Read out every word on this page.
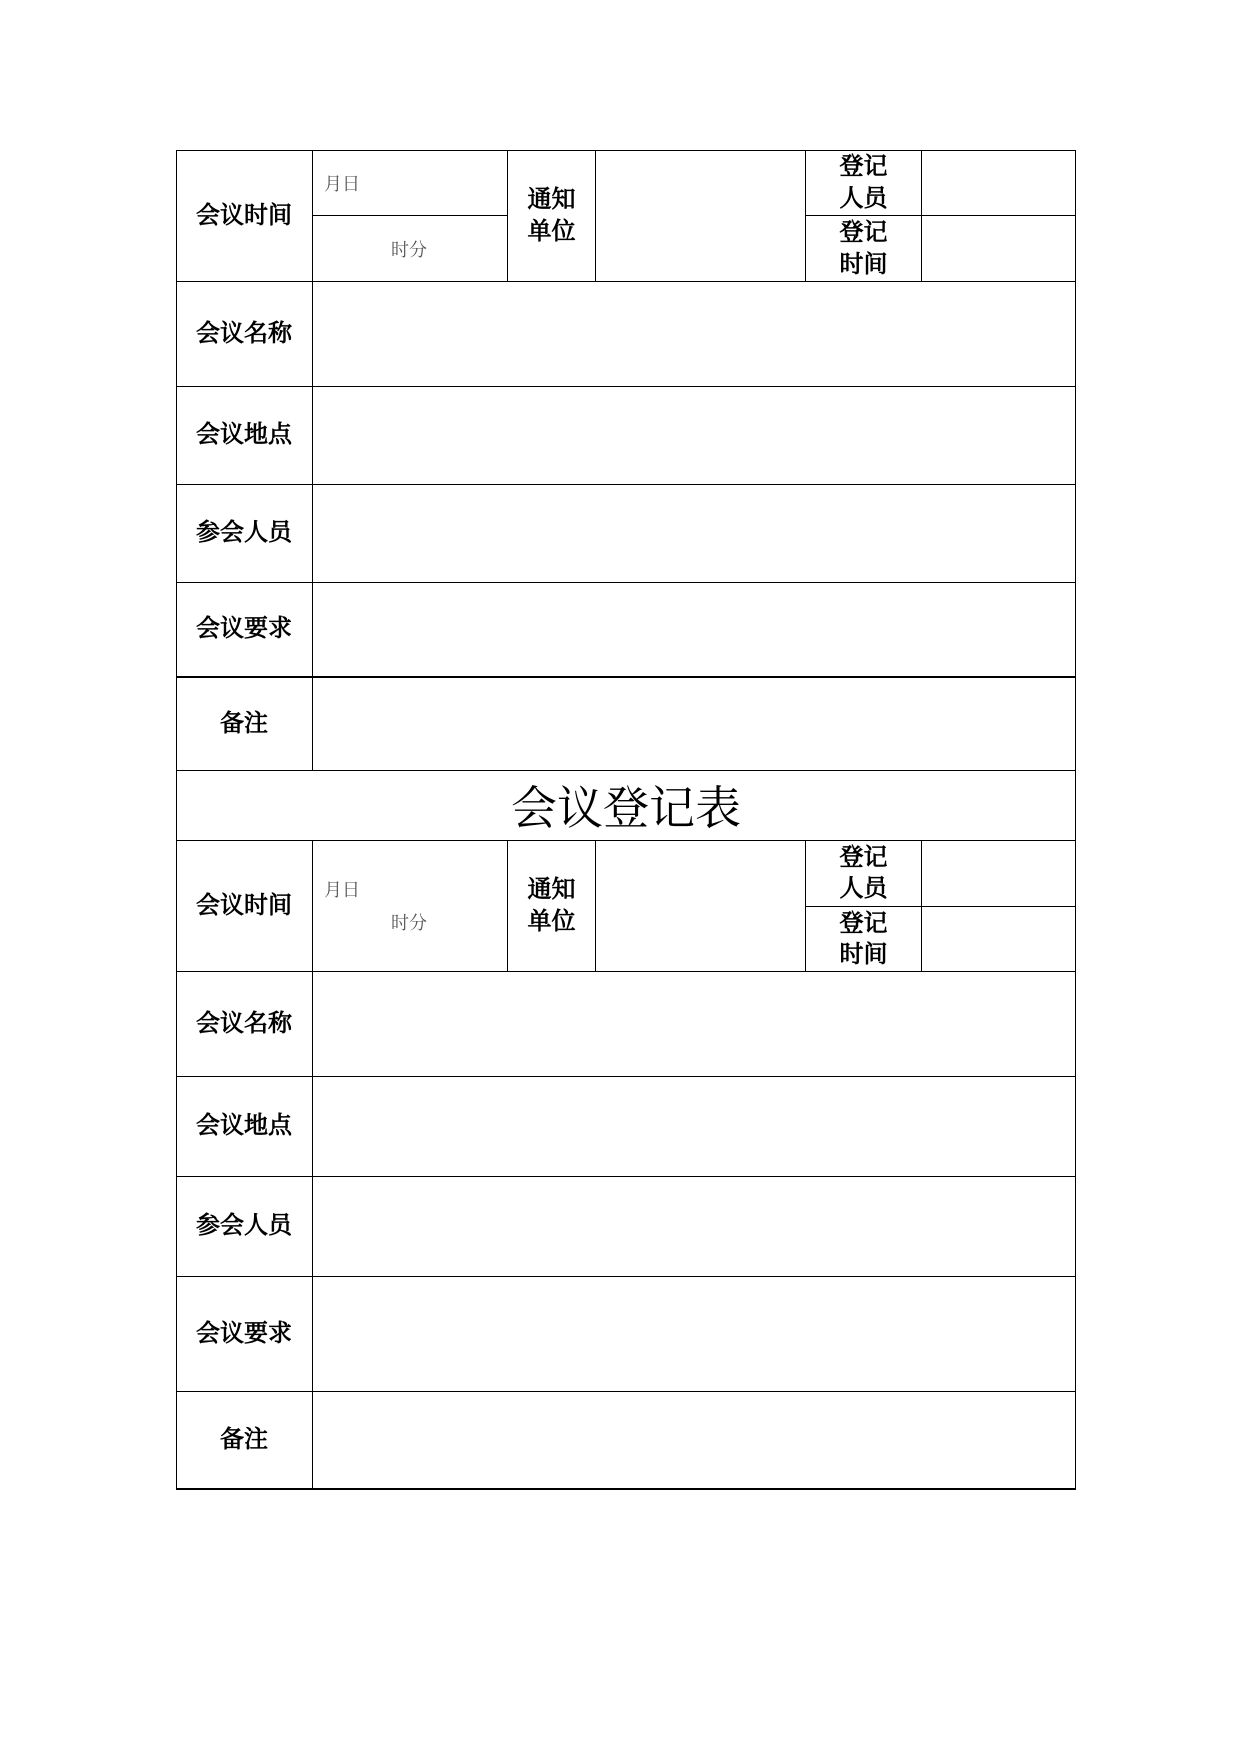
会议时间
月日
时分
通知
单位
登记
人员
登记
时间
会议名称
会议地点
参会人员
会议要求
备注
会议登记表
会议时间
月日
时分
通知
单位
登记
人员
登记
时间
会议名称
会议地点
参会人员
会议要求
备注
